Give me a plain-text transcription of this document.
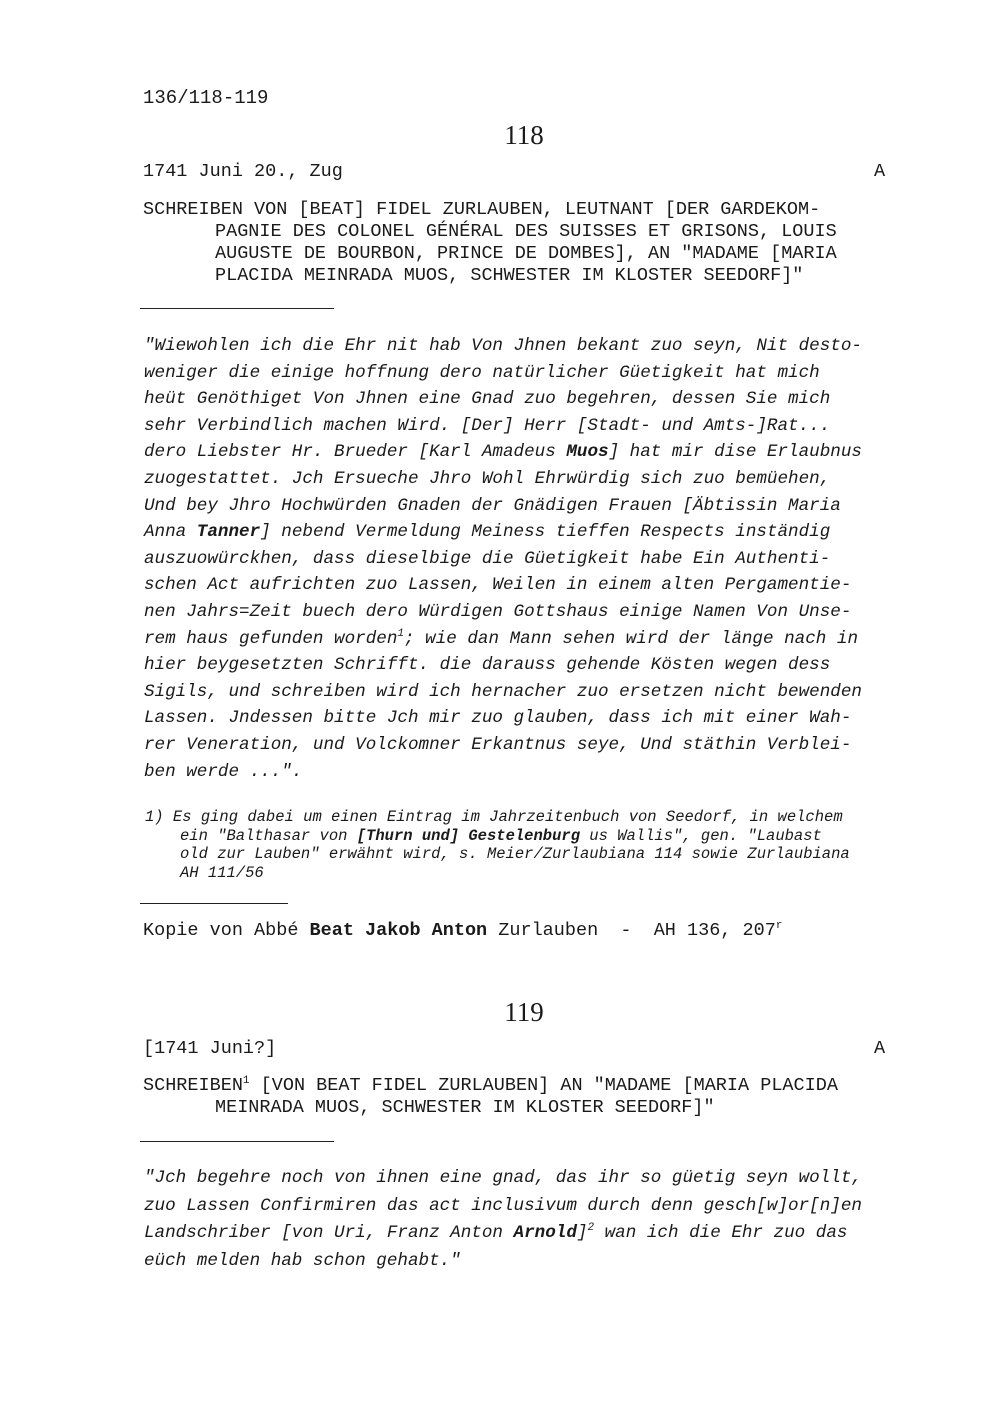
136/118-119
118
1741 Juni 20., Zug	A
SCHREIBEN VON [BEAT] FIDEL ZURLAUBEN, LEUTNANT [DER GARDEKOM-
PAGNIE DES COLONEL GÉNÉRAL DES SUISSES ET GRISONS, LOUIS
AUGUSTE DE BOURBON, PRINCE DE DOMBES], AN "MADAME [MARIA
PLACIDA MEINRADA MUOS, SCHWESTER IM KLOSTER SEEDORF]"
"Wiewohlen ich die Ehr nit hab Von Jhnen bekant zuo seyn, Nit desto-
weniger die einige hoffnung dero natürlicher Güetigkeit hat mich
heüt Genöthiget Von Jhnen eine Gnad zuo begehren, dessen Sie mich
sehr Verbindlich machen Wird. [Der] Herr [Stadt- und Amts-]Rat...
dero Liebster Hr. Brueder [Karl Amadeus Muos] hat mir dise Erlaubnus
zuogestattet. Jch Ersueche Jhro Wohl Ehrwürdig sich zuo bemüehen,
Und bey Jhro Hochwürden Gnaden der Gnädigen Frauen [Äbtissin Maria
Anna Tanner] nebend Vermeldung Meiness tieffen Respects inständig
auszuowürckhen, dass dieselbige die Güetigkeit habe Ein Authenti-
schen Act aufrichten zuo Lassen, Weilen in einem alten Pergamentie-
nen Jahrs=Zeit buech dero Würdigen Gottshaus einige Namen Von Unse-
rem haus gefunden worden$^1$; wie dan Mann sehen wird der länge nach in
hier beygesetzten Schrifft. die darauss gehende Kösten wegen dess
Sigils, und schreiben wird ich hernacher zuo ersetzen nicht bewenden
Lassen. Jndessen bitte Jch mir zuo glauben, dass ich mit einer Wah-
rer Veneration, und Volckomner Erkantnus seye, Und stäthin Verblei-
ben werde ...".
1) Es ging dabei um einen Eintrag im Jahrzeitenbuch von Seedorf, in welchem
ein "Balthasar von [Thurn und] Gestelenburg us Wallis", gen. "Laubast
old zur Lauben" erwähnt wird, s. Meier/Zurlaubiana 114 sowie Zurlaubiana
AH 111/56
Kopie von Abbé Beat Jakob Anton Zurlauben  -  AH 136, 207$^r$
119
[1741 Juni?]	A
SCHREIBEN$^1$ [VON BEAT FIDEL ZURLAUBEN] AN "MADAME [MARIA PLACIDA
MEINRADA MUOS, SCHWESTER IM KLOSTER SEEDORF]"
"Jch begehre noch von ihnen eine gnad, das ihr so güetig seyn wollt,
zuo Lassen Confirmiren das act inclusivum durch denn gesch[w]or[n]en
Landschriber [von Uri, Franz Anton Arnold]$^2$ wan ich die Ehr zuo das
eüch melden hab schon gehabt."
